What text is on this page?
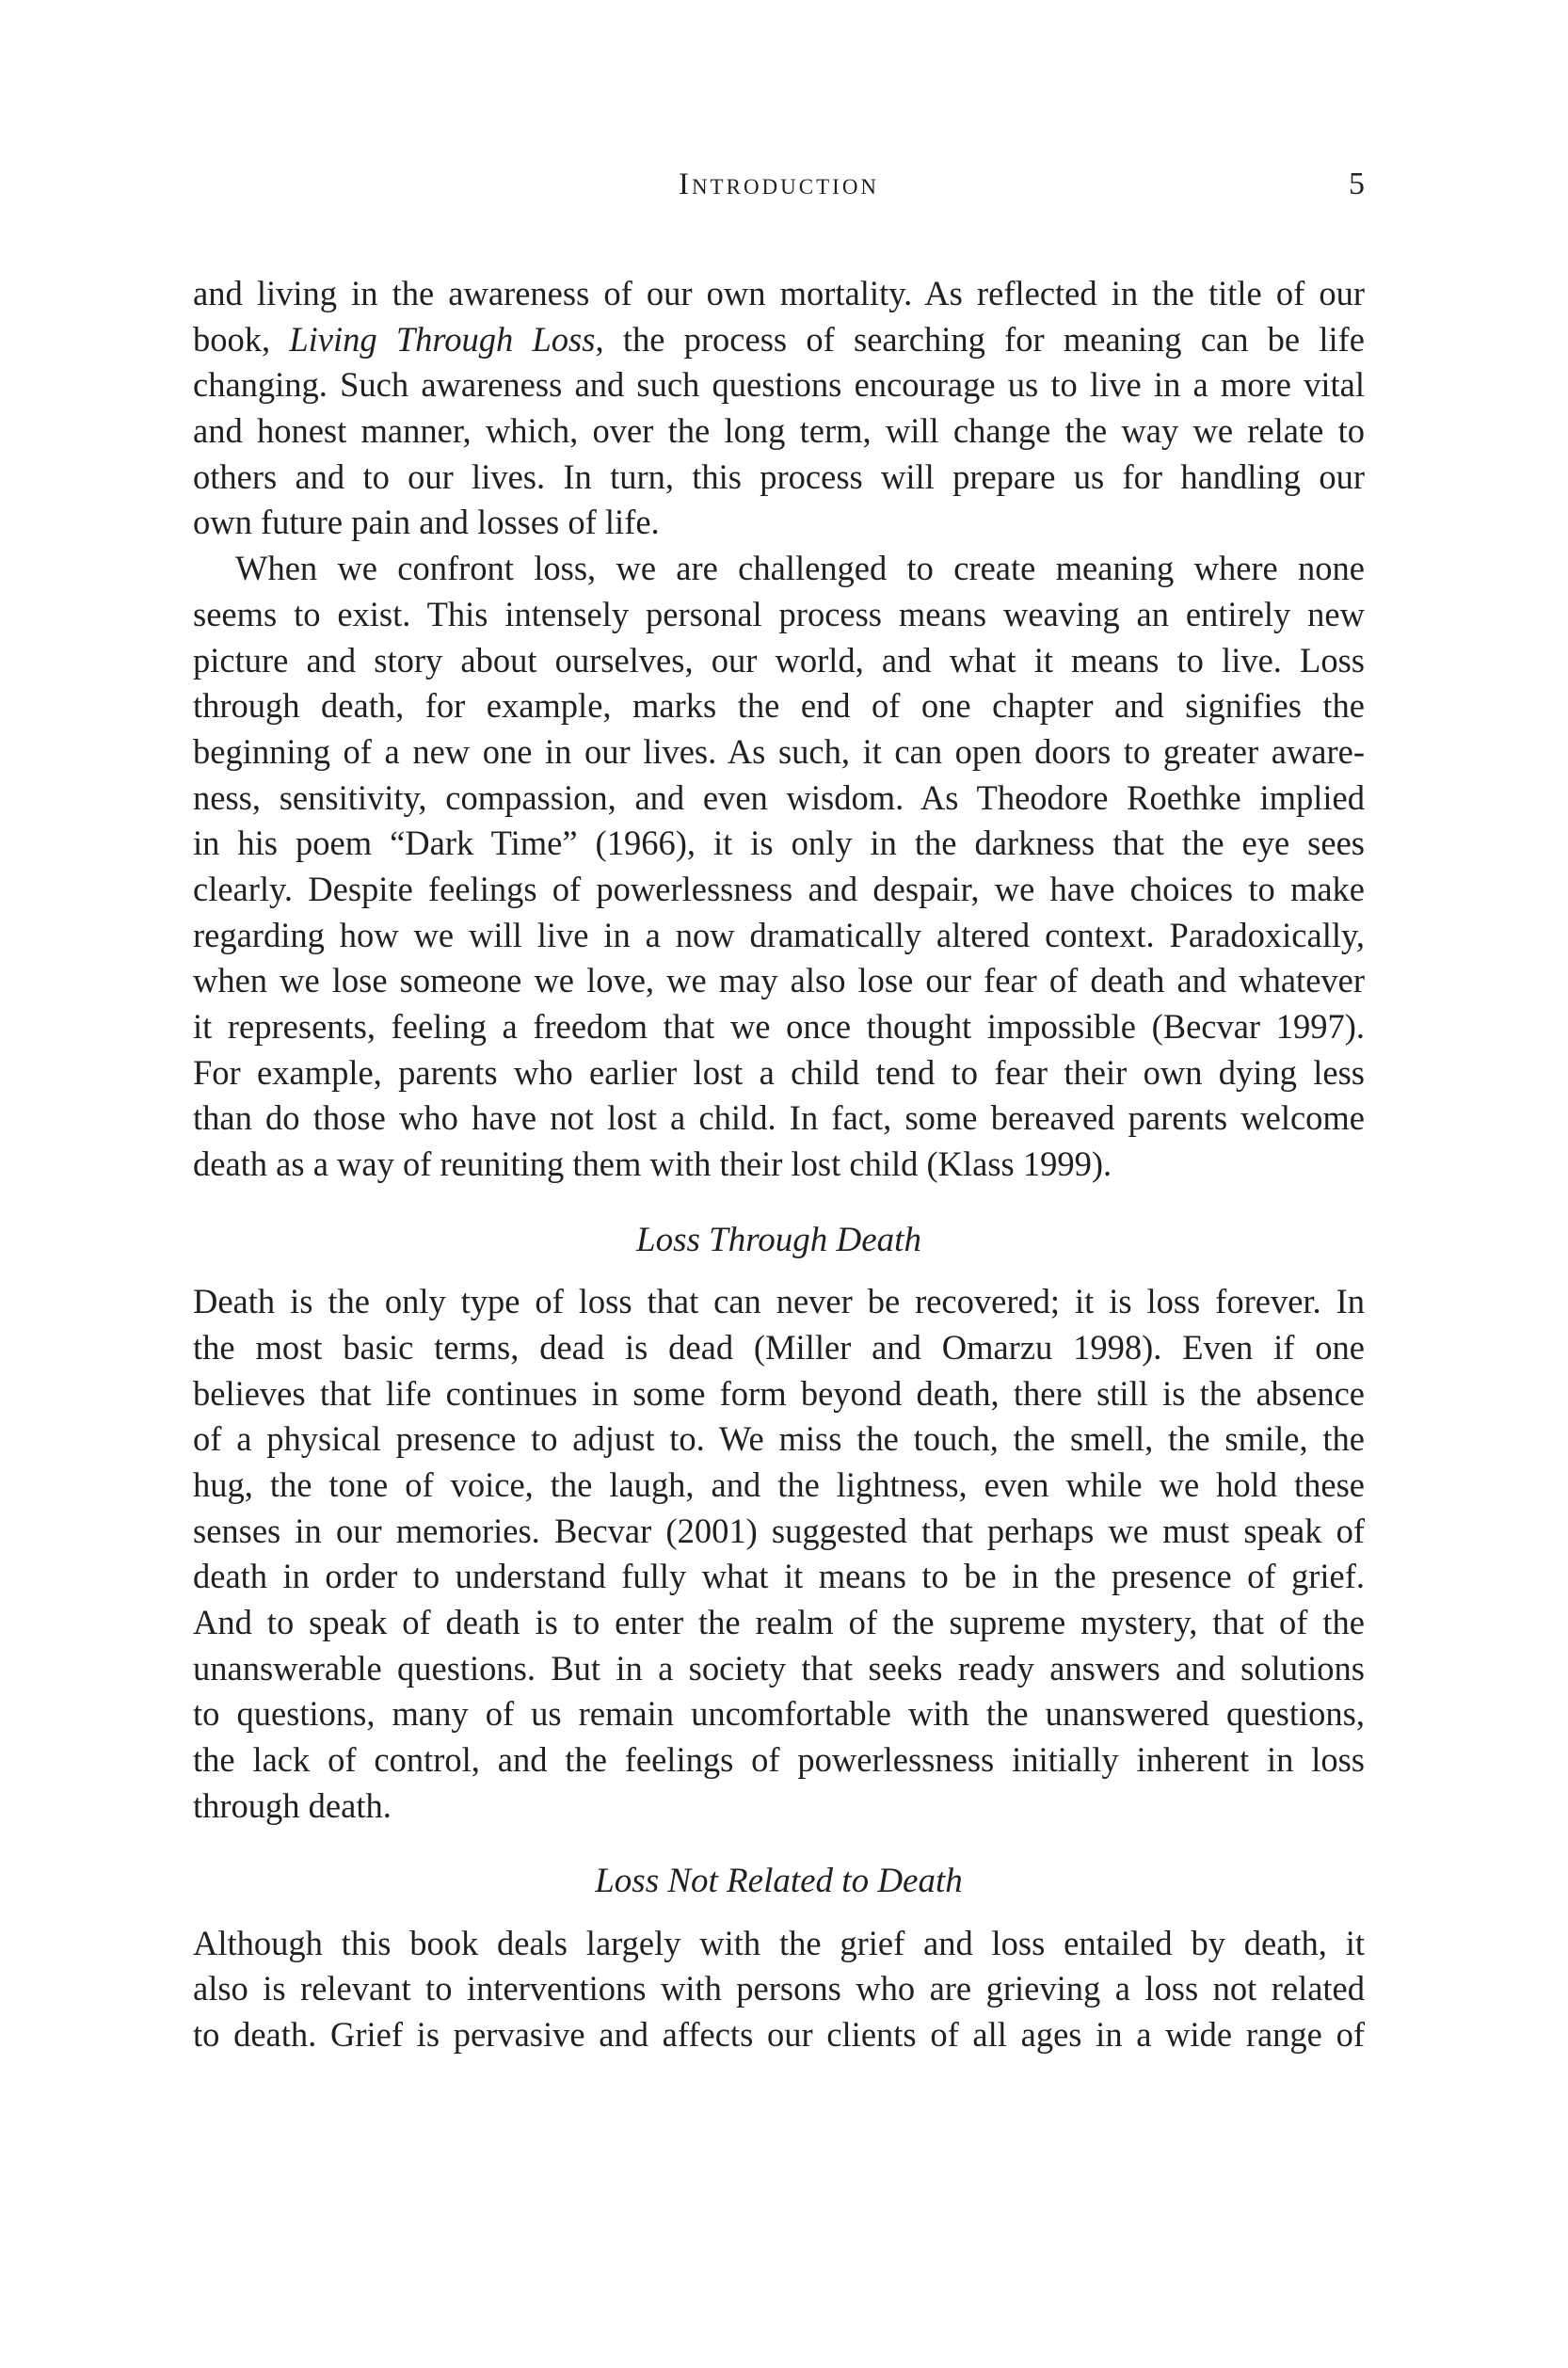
Introduction	5
and living in the awareness of our own mortality. As reflected in the title of our
book, Living Through Loss, the process of searching for meaning can be life
changing. Such awareness and such questions encourage us to live in a more vital
and honest manner, which, over the long term, will change the way we relate to
others and to our lives. In turn, this process will prepare us for handling our
own future pain and losses of life.
When we confront loss, we are challenged to create meaning where none
seems to exist. This intensely personal process means weaving an entirely new
picture and story about ourselves, our world, and what it means to live. Loss
through death, for example, marks the end of one chapter and signifies the
beginning of a new one in our lives. As such, it can open doors to greater aware-
ness, sensitivity, compassion, and even wisdom. As Theodore Roethke implied
in his poem “Dark Time” (1966), it is only in the darkness that the eye sees
clearly. Despite feelings of powerlessness and despair, we have choices to make
regarding how we will live in a now dramatically altered context. Paradoxically,
when we lose someone we love, we may also lose our fear of death and whatever
it represents, feeling a freedom that we once thought impossible (Becvar 1997).
For example, parents who earlier lost a child tend to fear their own dying less
than do those who have not lost a child. In fact, some bereaved parents welcome
death as a way of reuniting them with their lost child (Klass 1999).
Loss Through Death
Death is the only type of loss that can never be recovered; it is loss forever. In
the most basic terms, dead is dead (Miller and Omarzu 1998). Even if one
believes that life continues in some form beyond death, there still is the absence
of a physical presence to adjust to. We miss the touch, the smell, the smile, the
hug, the tone of voice, the laugh, and the lightness, even while we hold these
senses in our memories. Becvar (2001) suggested that perhaps we must speak of
death in order to understand fully what it means to be in the presence of grief.
And to speak of death is to enter the realm of the supreme mystery, that of the
unanswerable questions. But in a society that seeks ready answers and solutions
to questions, many of us remain uncomfortable with the unanswered questions,
the lack of control, and the feelings of powerlessness initially inherent in loss
through death.
Loss Not Related to Death
Although this book deals largely with the grief and loss entailed by death, it
also is relevant to interventions with persons who are grieving a loss not related
to death. Grief is pervasive and affects our clients of all ages in a wide range of
